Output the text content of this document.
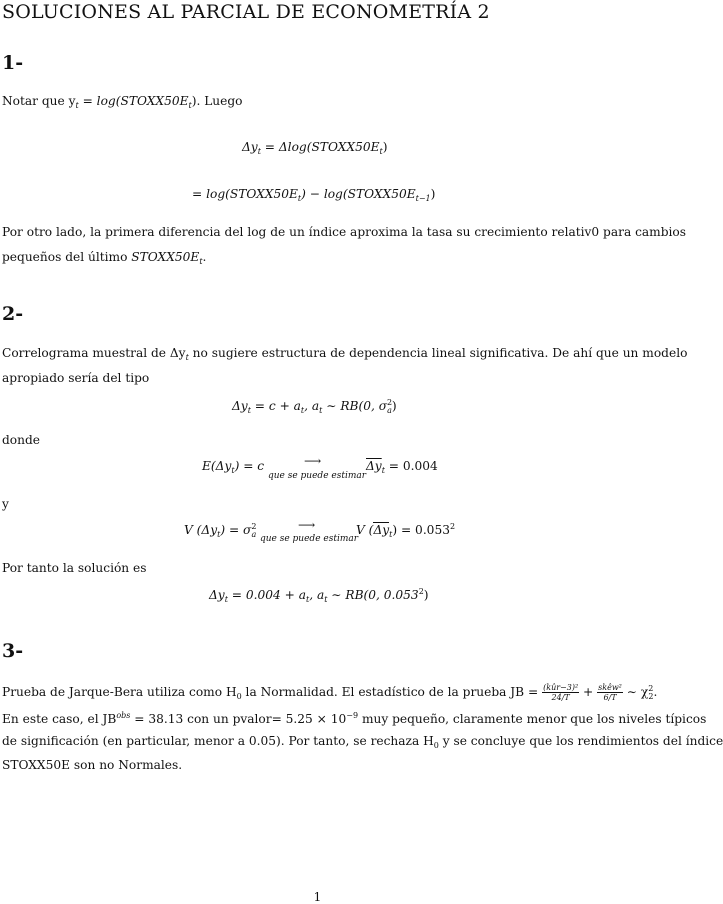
SOLUCIONES AL PARCIAL DE ECONOMETRÍA 2
1-
Notar que $y_t$ = $\log(STOXX50E_t)$. Luego
$\Delta y_t$ = $\Delta\log(STOXX50E_t)$
= $\log(STOXX50E_t)$ − $\log(STOXX50E_{t-1})$
Por otro lado, la primera diferencia del log de un índice aproxima la tasa su crecimiento relativ0 para cambios
pequeños del último $STOXX50E_t$.
2-
Correlograma muestral de $\Delta y_t$ no sugiere estructura de dependencia lineal significativa. De ahí que un modelo
apropiado sería del tipo
$\Delta y_t = c + a_t$, $a_t$ ∼ RB(0, $\sigma^2_a$)
donde
$E(\Delta y_t) = c$	⟶
que se puede estimar
$\overline{\Delta y}_t = 0.004$
y
V $(\Delta y_t) = \sigma^2_a$
⟶
que se puede estimar
V $(\Delta y_t) = 0.053^2$
Por tanto la solución es
$\Delta y_t = 0.004 + a_t$, $a_t$ ∼ RB(0, 0.053$^2$)
3-
Prueba de Jarque-Bera utiliza como $H_0$ la Normalidad. El estadístico de la prueba JB = $\frac{\text{(kûr−3)²}}{24/T} + \frac{\text{skêw²}}{6/T}$ ∼ $\chi^2_2$.
En este caso, el $JB^{obs} = 38.13$ con un pvalor= $5.25 \times 10^{-9}$ muy pequeño, claramente menor que los niveles típicos
de significación (en particular, menor a 0.05). Por tanto, se rechaza $H_0$ y se concluye que los rendimientos del índice
STOXX50E son no Normales.
1
